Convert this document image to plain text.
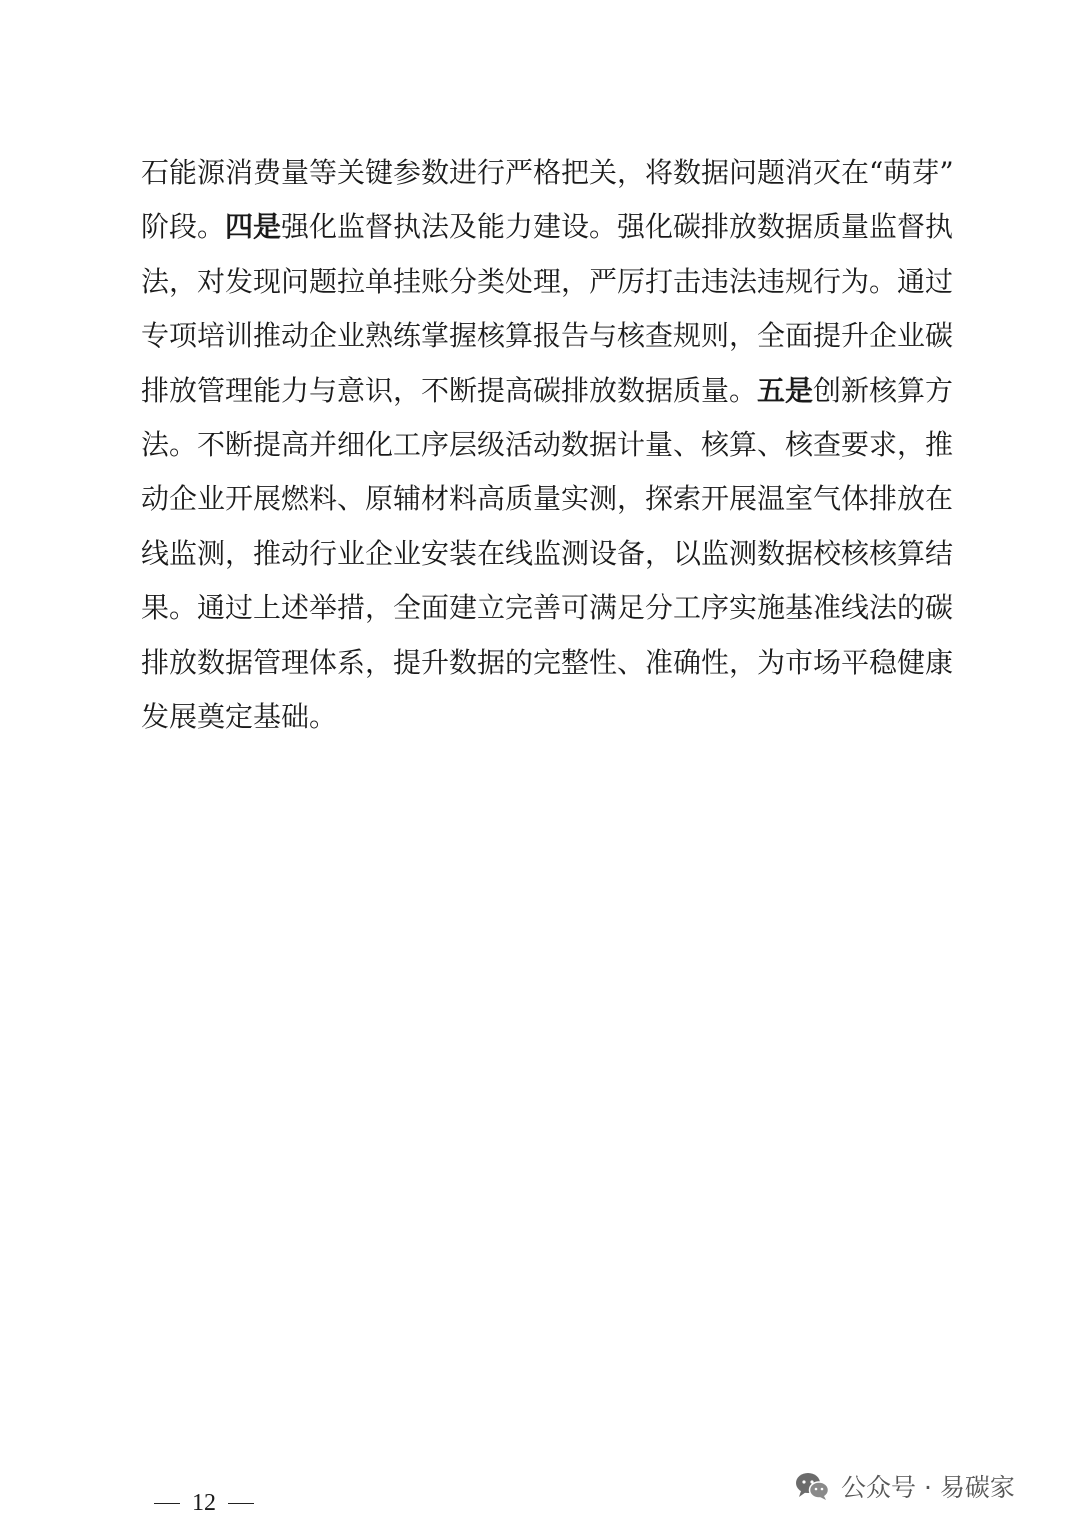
石能源消费量等关键参数进行严格把关，将数据问题消灭在“萌芽”
阶段。四是强化监督执法及能力建设。强化碳排放数据质量监督执
法，对发现问题拉单挂账分类处理，严厉打击违法违规行为。通过
专项培训推动企业熟练掌握核算报告与核查规则，全面提升企业碳
排放管理能力与意识，不断提高碳排放数据质量。五是创新核算方
法。不断提高并细化工序层级活动数据计量、核算、核查要求，推
动企业开展燃料、原辅材料高质量实测，探索开展温室气体排放在
线监测，推动行业企业安装在线监测设备，以监测数据校核核算结
果。通过上述举措，全面建立完善可满足分工序实施基准线法的碳
排放数据管理体系，提升数据的完整性、准确性，为市场平稳健康
发展奠定基础。
12
公众号 · 易碳家
